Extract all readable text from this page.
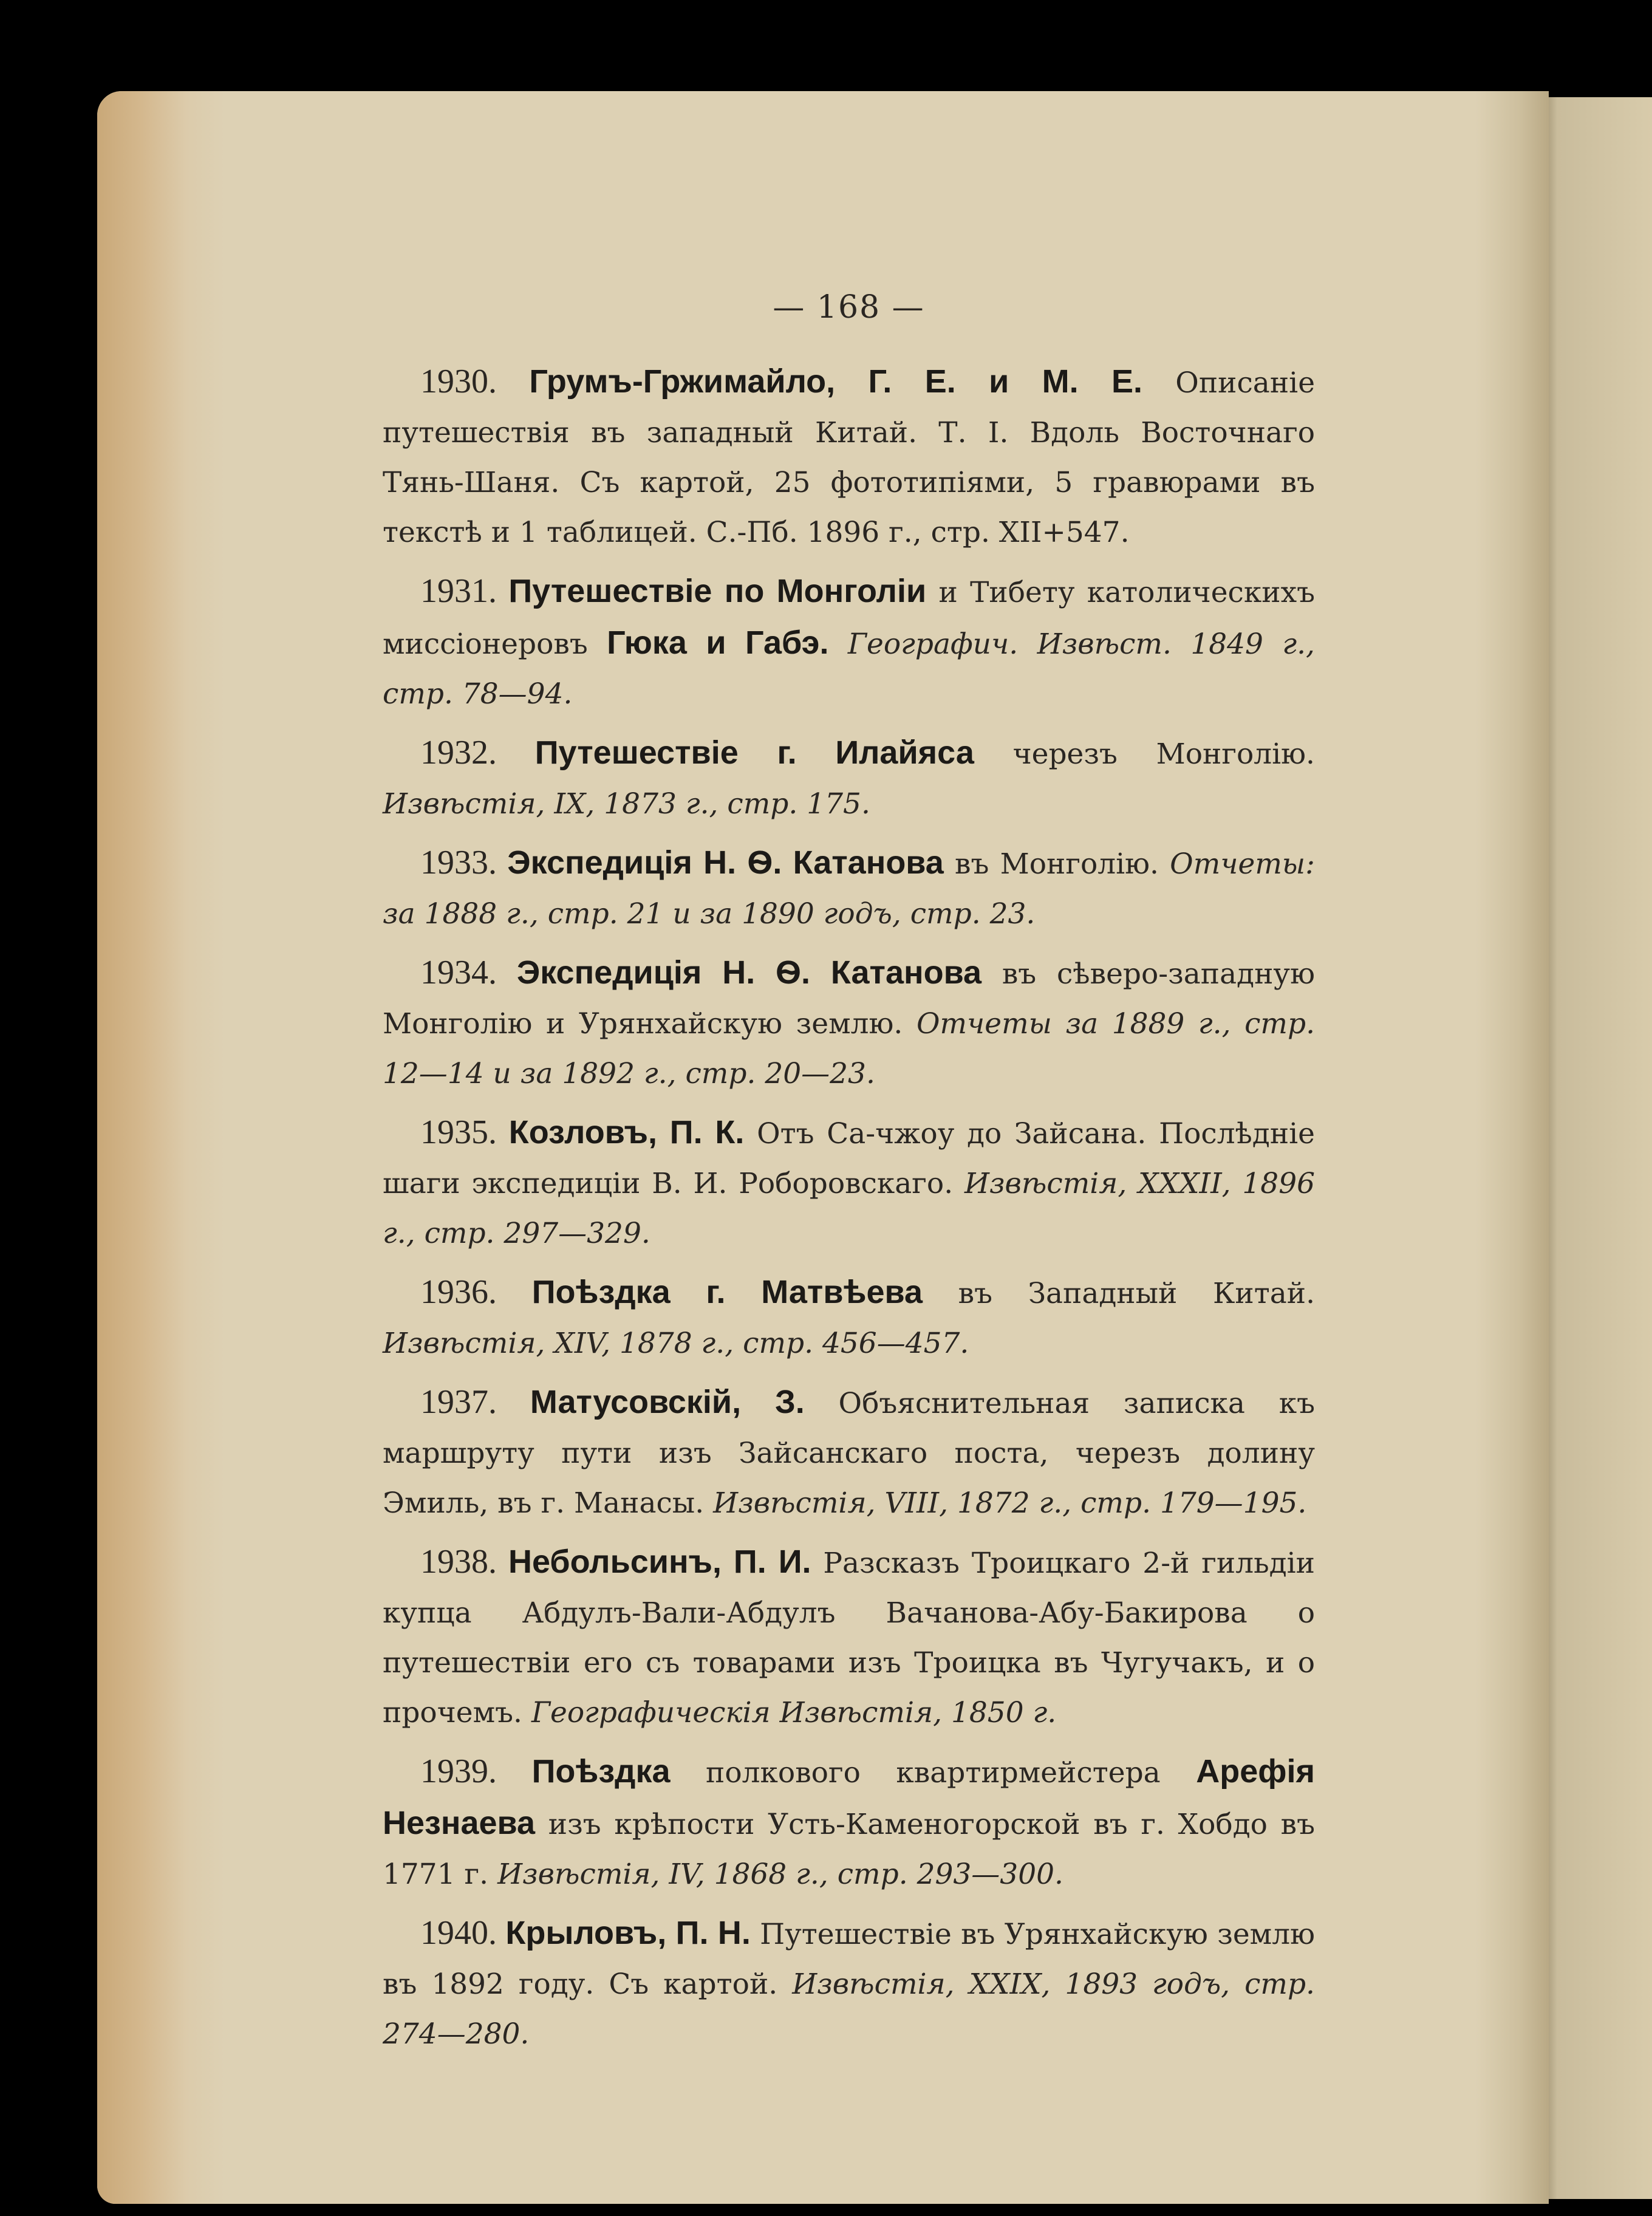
— 168 —
1930. Грумъ-Гржимайло, Г. Е. и М. Е. Описаніе путешествія въ западный Китай. Т. I. Вдоль Восточнаго Тянь-Шаня. Съ картой, 25 фототипіями, 5 гравюрами въ текстѣ и 1 таблицей. С.-Пб. 1896 г., стр. XII+547.
1931. Путешествіе по Монголіи и Тибету католическихъ миссіонеровъ Гюка и Габэ. Географич. Извѣст. 1849 г., стр. 78—94.
1932. Путешествіе г. Илайяса черезъ Монголію. Извѣстія, IX, 1873 г., стр. 175.
1933. Экспедиція Н. Ѳ. Катанова въ Монголію. Отчеты: за 1888 г., стр. 21 и за 1890 годъ, стр. 23.
1934. Экспедиція Н. Ѳ. Катанова въ сѣверо-западную Монголію и Урянхайскую землю. Отчеты за 1889 г., стр. 12—14 и за 1892 г., стр. 20—23.
1935. Козловъ, П. К. Отъ Са-чжоу до Зайсана. Послѣдніе шаги экспедиціи В. И. Роборовскаго. Извѣстія, XXXII, 1896 г., стр. 297—329.
1936. Поѣздка г. Матвѣева въ Западный Китай. Извѣстія, XIV, 1878 г., стр. 456—457.
1937. Матусовскій, З. Объяснительная записка къ маршруту пути изъ Зайсанскаго поста, черезъ долину Эмиль, въ г. Манасы. Извѣстія, VIII, 1872 г., стр. 179—195.
1938. Небольсинъ, П. И. Разсказъ Троицкаго 2-й гильдіи купца Абдулъ-Вали-Абдулъ Вачанова-Абу-Бакирова о путешествіи его съ товарами изъ Троицка въ Чугучакъ, и о прочемъ. Географическія Извѣстія, 1850 г.
1939. Поѣздка полкового квартирмейстера Арефія Незнаева изъ крѣпости Усть-Каменогорской въ г. Хобдо въ 1771 г. Извѣстія, IV, 1868 г., стр. 293—300.
1940. Крыловъ, П. Н. Путешествіе въ Урянхайскую землю въ 1892 году. Съ картой. Извѣстія, XXIX, 1893 годъ, стр. 274—280.
